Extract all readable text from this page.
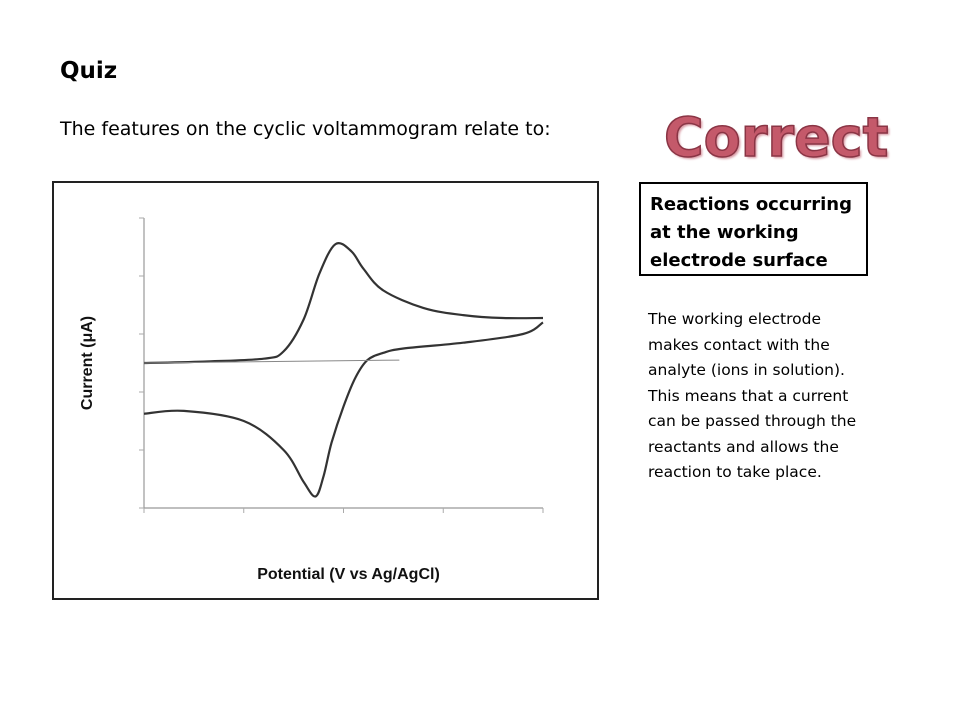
Quiz
The features on the cyclic voltammogram relate to: Correct
Reactions occurring at the working electrode surface
The working electrode makes contact with the analyte (ions in solution). This means that a current can be passed through the reactants and allows the reaction to take place.
Potential (V vs Ag/AgCl)
Current (μA)
